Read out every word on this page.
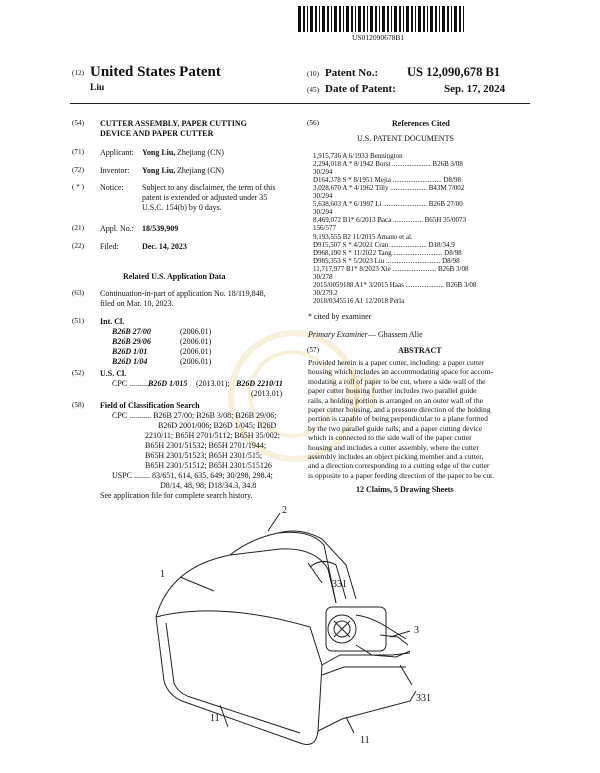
前
US012090678B1
(12) United States Patent
Liu
(10) Patent No.: US 12,090,678 B1
(45) Date of Patent:	Sep. 17, 2024
(54) CUTTER ASSEMBLY, PAPER CUTTING
DEVICE AND PAPER CUTTER
(71) Applicant: Yong Liu, Zhejiang (CN)
(72) Inventor: Yong Liu, Zhejiang (CN)
( * ) Notice: Subject to any disclaimer, the term of this
patent is extended or adjusted under 35
U.S.C. 154(b) by 0 days.
(21) Appl. No.: 18/539,909
(22) Filed:	Dec. 14, 2023
Related U.S. Application Data
(63) Continuation-in-part of application No. 18/119,848,
filed on Mar. 10, 2023.
(51) Int. Cl.
B26B 27/00	(2006.01)
B26B 29/06	(2006.01)
B26D 1/01	(2006.01)
B26D 1/04	(2006.01)
(52) U.S. Cl.
CPC ..........
B26D 1/015 (2013.01); B26D 2210/11
(2013.01)
(58) Field of Classification Search
CPC ........... B26B 27/00; B26B 3/08; B26B 29/06;
B26D 2001/006; B26D 1/045; B26D
2210/11; B65H 2701/5112; B65H 35/002;
B65H 2301/51532; B65H 2701/1944;
B65H 2301/51523; B65H 2301/515;
B65H 2301/51512; B65H 2301/515126
USPC ........ 83/651, 614, 635, 649; 30/298, 298.4;
D8/14, 48, 98; D18/34.3, 34.8
See application file for complete search history.
(56)	References Cited
U.S. PATENT DOCUMENTS
1,915,736 A 6/1933 Bennington
2,294,018 A * 8/1942 Borst ...................... B26B 3/08
30/294
D164,378 S * 8/1951 Mejia ............................ D8/98
3,028,670 A * 4/1962 Tilly ..................... B43M 7/002
30/294
5,638,603 A * 6/1997 Li ......................... B26B 27/00
30/294
8,469,072 B1* 6/2013 Baca ................. B65H 35/0073
156/577
9,193,555 B2 11/2015 Amano et al.
D915,507 S * 4/2021 Cran ..................... D18/34.9
D968,190 S * 11/2022 Tang ............................ D8/98
D985,353 S * 5/2023 Liu ............................... D8/98
11,717,977 B1* 8/2023 Xie ......................... B26B 3/08
30/278
2015/0059188 A1* 3/2015 Haas ...................... B26B 3/08
30/279.2
2018/0345516 A1 12/2018 Perla
* cited by examiner
Primary Examiner — Ghassem Alie
(57)	ABSTRACT
Provided herein is a paper cutter, including: a paper cutter
housing which includes an accommodating space for accom-
modating a roll of paper to be cut, where a side wall of the
paper cutter housing further includes two parallel guide
rails, a holding portion is arranged on an outer wall of the
paper cutter housing, and a pressure direction of the holding
portion is capable of being perpendicular to a plane formed
by the two parallel guide rails; and a paper cutting device
which is connected to the side wall of the paper cutter
housing and includes a cutter assembly, where the cutter
assembly includes an object picking member and a cutter,
and a direction corresponding to a cutting edge of the cutter
is opposite to a paper feeding direction of the paper to be cut.
12 Claims, 5 Drawing Sheets
2
1
331
3
11
11
331
